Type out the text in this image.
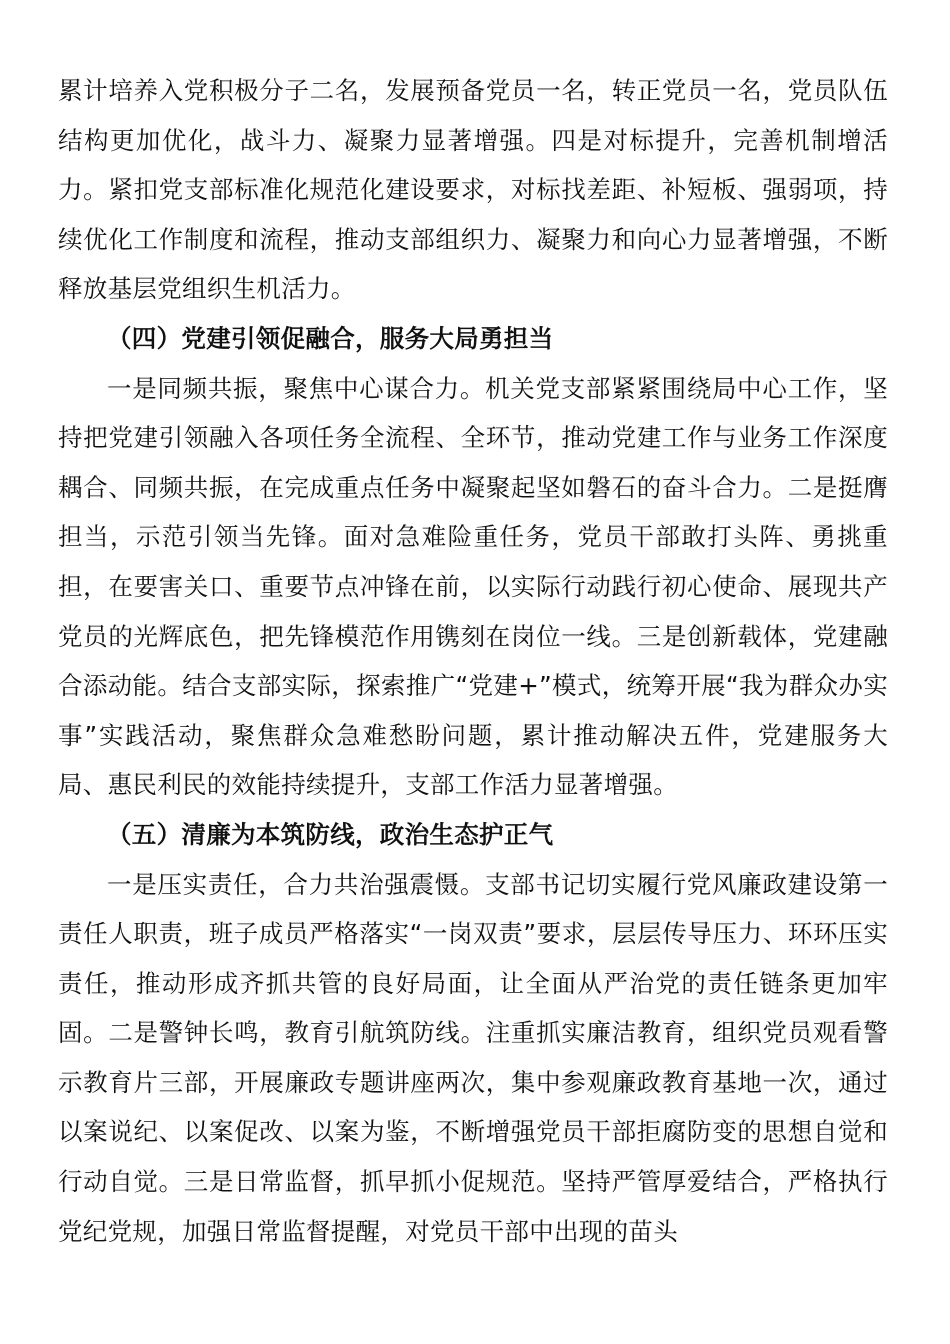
累计培养入党积极分子二名，发展预备党员一名，转正党员一名，党员队伍结构更加优化，战斗力、凝聚力显著增强。四是对标提升，完善机制增活力。紧扣党支部标准化规范化建设要求，对标找差距、补短板、强弱项，持续优化工作制度和流程，推动支部组织力、凝聚力和向心力显著增强，不断释放基层党组织生机活力。

（四）党建引领促融合，服务大局勇担当

一是同频共振，聚焦中心谋合力。机关党支部紧紧围绕局中心工作，坚持把党建引领融入各项任务全流程、全环节，推动党建工作与业务工作深度耦合、同频共振，在完成重点任务中凝聚起坚如磐石的奋斗合力。二是挺膺担当，示范引领当先锋。面对急难险重任务，党员干部敢打头阵、勇挑重担，在要害关口、重要节点冲锋在前，以实际行动践行初心使命、展现共产党员的光辉底色，把先锋模范作用镌刻在岗位一线。三是创新载体，党建融合添动能。结合支部实际，探索推广“党建+”模式，统筹开展“我为群众办实事”实践活动，聚焦群众急难愁盼问题，累计推动解决五件，党建服务大局、惠民利民的效能持续提升，支部工作活力显著增强。

（五）清廉为本筑防线，政治生态护正气

一是压实责任，合力共治强震慑。支部书记切实履行党风廉政建设第一责任人职责，班子成员严格落实“一岗双责”要求，层层传导压力、环环压实责任，推动形成齐抓共管的良好局面，让全面从严治党的责任链条更加牢固。二是警钟长鸣，教育引航筑防线。注重抓实廉洁教育，组织党员观看警示教育片三部，开展廉政专题讲座两次，集中参观廉政教育基地一次，通过以案说纪、以案促改、以案为鉴，不断增强党员干部拒腐防变的思想自觉和行动自觉。三是日常监督，抓早抓小促规范。坚持严管厚爱结合，严格执行党纪党规，加强日常监督提醒，对党员干部中出现的苗头
